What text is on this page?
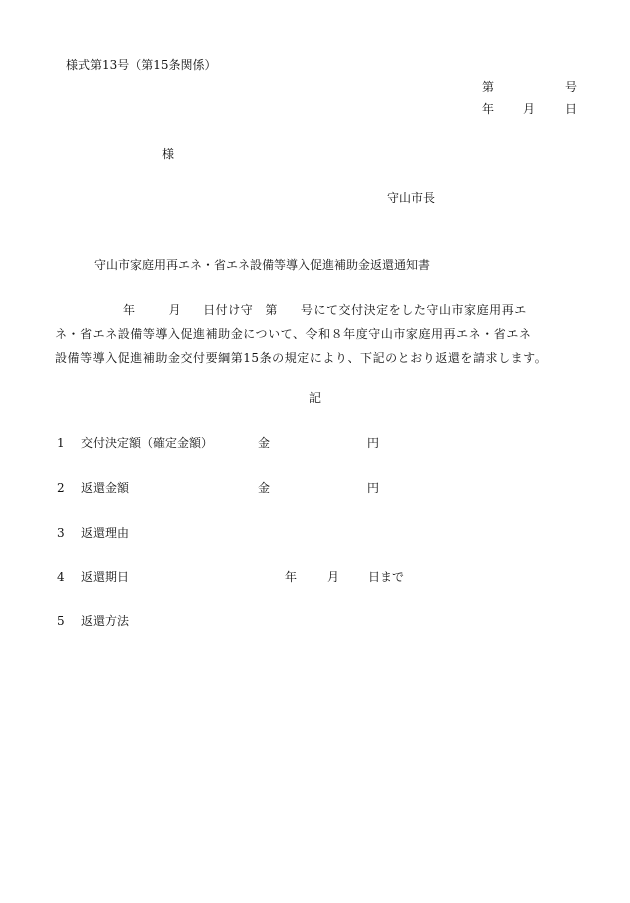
様式第13号（第15条関係）
第	号
年 月 日
様
守山市長
守山市家庭用再エネ・省エネ設備等導入促進補助金返還通知書
年	月 日付け守 第 号にて交付決定をした守山市家庭用再エ
ネ・省エネ設備等導入促進補助金について、令和８年度守山市家庭用再エネ・省エネ
設備等導入促進補助金交付要綱第15条の規定により、下記のとおり返還を請求します。
記
1 交付決定額（確定金額）	金	円
2 返還金額	金	円
3 返還理由
4 返還期日	年 月 日まで
5 返還方法
